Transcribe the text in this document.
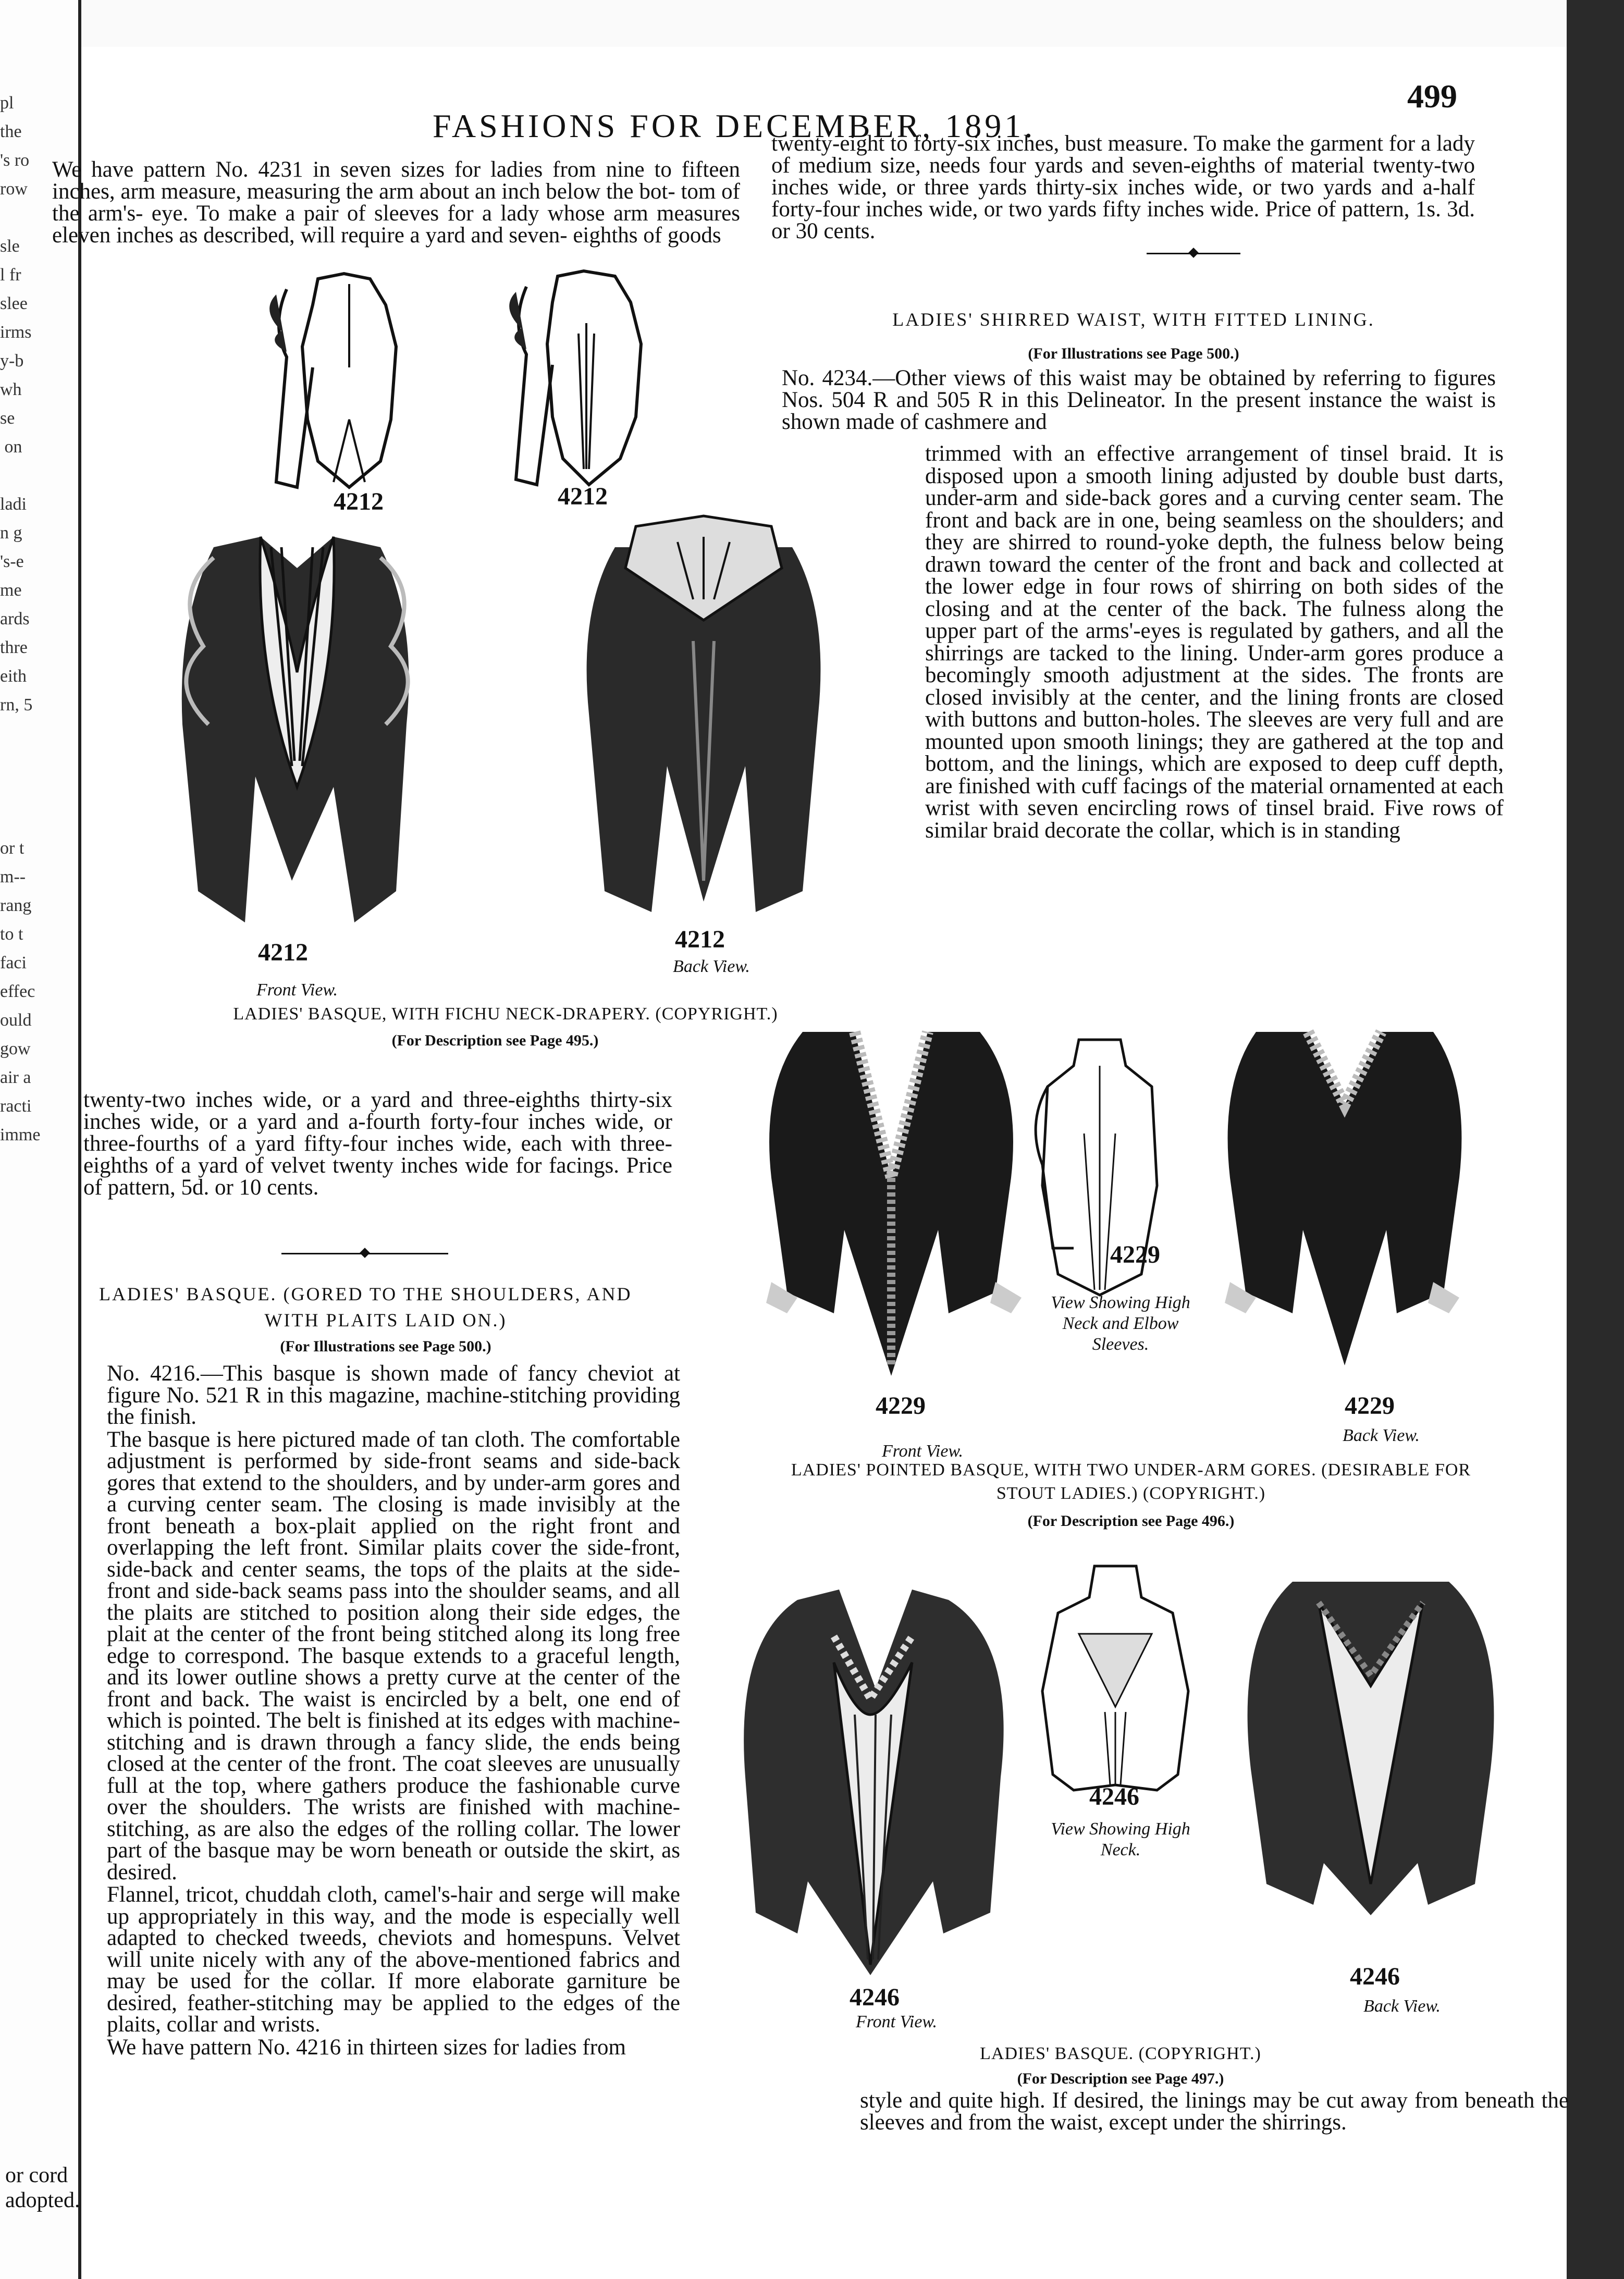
pl
the
's ro
row

sle
l fr
slee
irms
y-b
wh
se
on

ladi
n g
's-e
me
ards
thre
eith
rn, 5

or t
m--
rang
to t
faci
effec
ould
gow
air a
racti
imme
or cord
adopted.
FASHIONS FOR DECEMBER, 1891.
499

We have pattern No. 4231 in seven sizes for ladies from nine to fifteen inches, arm measure, measuring the arm about an inch below the bot- tom of the arm's- eye. To make a pair of sleeves for a lady whose arm measures eleven inches as described, will require a yard and seven- eighths of goods

twenty-eight to forty-six inches, bust measure. To make the garment for a lady of medium size, needs four yards and seven-eighths of material twenty-two inches wide, or three yards thirty-six inches wide, or two yards and a-half forty-four inches wide, or two yards fifty inches wide. Price of pattern, 1s. 3d. or 30 cents.

LADIES' SHIRRED WAIST, WITH FITTED LINING.
(For Illustrations see Page 500.)

No. 4234.—Other views of this waist may be obtained by referring to figures Nos. 504 R and 505 R in this Delineator. In the present instance the waist is shown made of cashmere and

trimmed with an effective arrangement of tinsel braid. It is disposed upon a smooth lining adjusted by double bust darts, under-arm and side-back gores and a curving center seam. The front and back are in one, being seamless on the shoulders; and they are shirred to round-yoke depth, the fulness below being drawn toward the center of the front and back and collected at the lower edge in four rows of shirring on both sides of the closing and at the center of the back. The fulness along the upper part of the arms'-eyes is regulated by gathers, and all the shirrings are tacked to the lining. Under-arm gores produce a becomingly smooth adjustment at the sides. The fronts are closed invisibly at the center, and the lining fronts are closed with buttons and button-holes. The sleeves are very full and are mounted upon smooth linings; they are gathered at the top and bottom, and the linings, which are exposed to deep cuff depth, are finished with cuff facings of the material ornamented at each wrist with seven encircling rows of tinsel braid. Five rows of similar braid decorate the collar, which is in standing

4212	4212
4212	4212
Front View.
Back View.
LADIES' BASQUE, WITH FICHU NECK-DRAPERY. (COPYRIGHT.)
(For Description see Page 495.)

twenty-two inches wide, or a yard and three-eighths thirty-six inches wide, or a yard and a-fourth forty-four inches wide, or three-fourths of a yard fifty-four inches wide, each with three-eighths of a yard of velvet twenty inches wide for facings. Price of pattern, 5d. or 10 cents.

LADIES' BASQUE. (GORED TO THE SHOULDERS, AND
WITH PLAITS LAID ON.)
(For Illustrations see Page 500.)

No. 4216.—This basque is shown made of fancy cheviot at figure No. 521 R in this magazine, machine-stitching providing the finish.

The basque is here pictured made of tan cloth. The comfortable adjustment is performed by side-front seams and side-back gores that extend to the shoulders, and by under-arm gores and a curving center seam. The closing is made invisibly at the front beneath a box-plait applied on the right front and overlapping the left front. Similar plaits cover the side-front, side-back and center seams, the tops of the plaits at the side-front and side-back seams pass into the shoulder seams, and all the plaits are stitched to position along their side edges, the plait at the center of the front being stitched along its long free edge to correspond. The basque extends to a graceful length, and its lower outline shows a pretty curve at the center of the front and back. The waist is encircled by a belt, one end of which is pointed. The belt is finished at its edges with machine-stitching and is drawn through a fancy slide, the ends being closed at the center of the front. The coat sleeves are unusually full at the top, where gathers produce the fashionable curve over the shoulders. The wrists are finished with machine-stitching, as are also the edges of the rolling collar. The lower part of the basque may be worn beneath or outside the skirt, as desired.

Flannel, tricot, chuddah cloth, camel's-hair and serge will make up appropriately in this way, and the mode is especially well adapted to checked tweeds, cheviots and homespuns. Velvet will unite nicely with any of the above-mentioned fabrics and may be used for the collar. If more elaborate garniture be desired, feather-stitching may be applied to the edges of the plaits, collar and wrists.

We have pattern No. 4216 in thirteen sizes for ladies from

4229
View Showing High Neck and Elbow Sleeves.
4229	4229
Front View.
Back View.
LADIES' POINTED BASQUE, WITH TWO UNDER-ARM GORES. (DESIRABLE FOR
STOUT LADIES.) (COPYRIGHT.)
(For Description see Page 496.)
4246
View Showing High Neck.
4246
4246
Front View.
Back View.
LADIES' BASQUE. (COPYRIGHT.)
(For Description see Page 497.)

style and quite high. If desired, the linings may be cut away from beneath the sleeves and from the waist, except under the shirrings.
